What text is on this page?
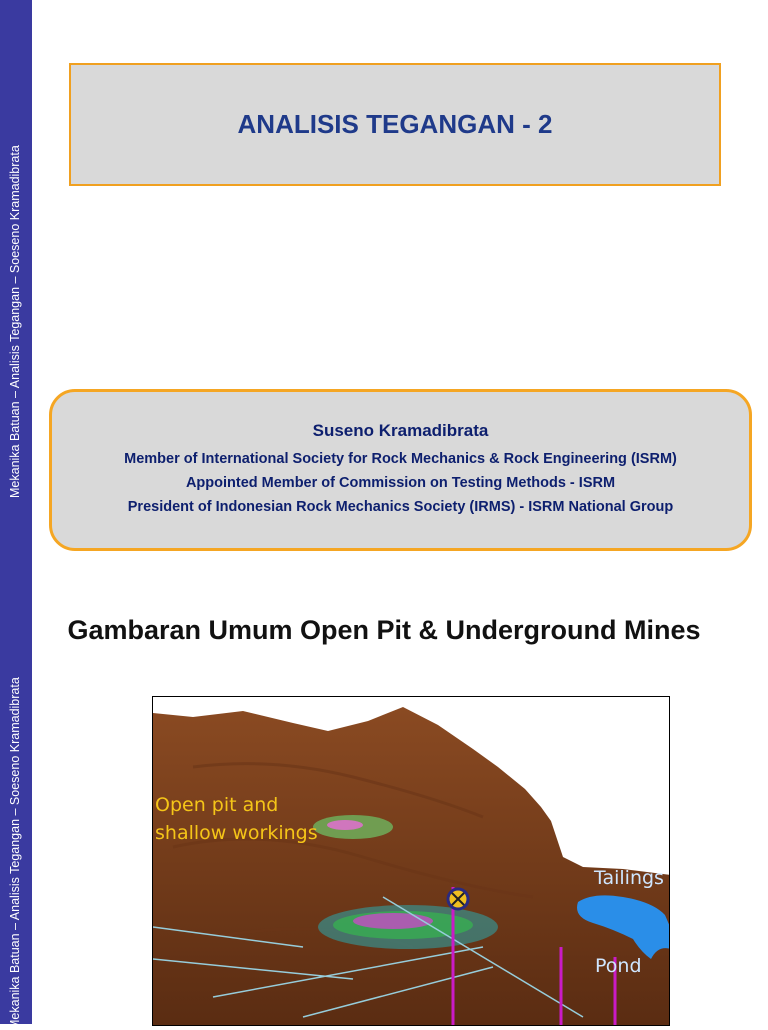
Mekanika Batuan – Analisis Tegangan – Soeseno Kramadibrata
Mekanika Batuan – Analisis Tegangan – Soeseno Kramadibrata
ANALISIS TEGANGAN - 2
Suseno Kramadibrata
Member of International Society for Rock Mechanics & Rock Engineering (ISRM)
Appointed Member of Commission on Testing Methods - ISRM
President of Indonesian Rock Mechanics Society (IRMS) - ISRM National Group
Gambaran Umum Open Pit & Underground Mines
Open pit and shallow workings
Tailings
Pond
